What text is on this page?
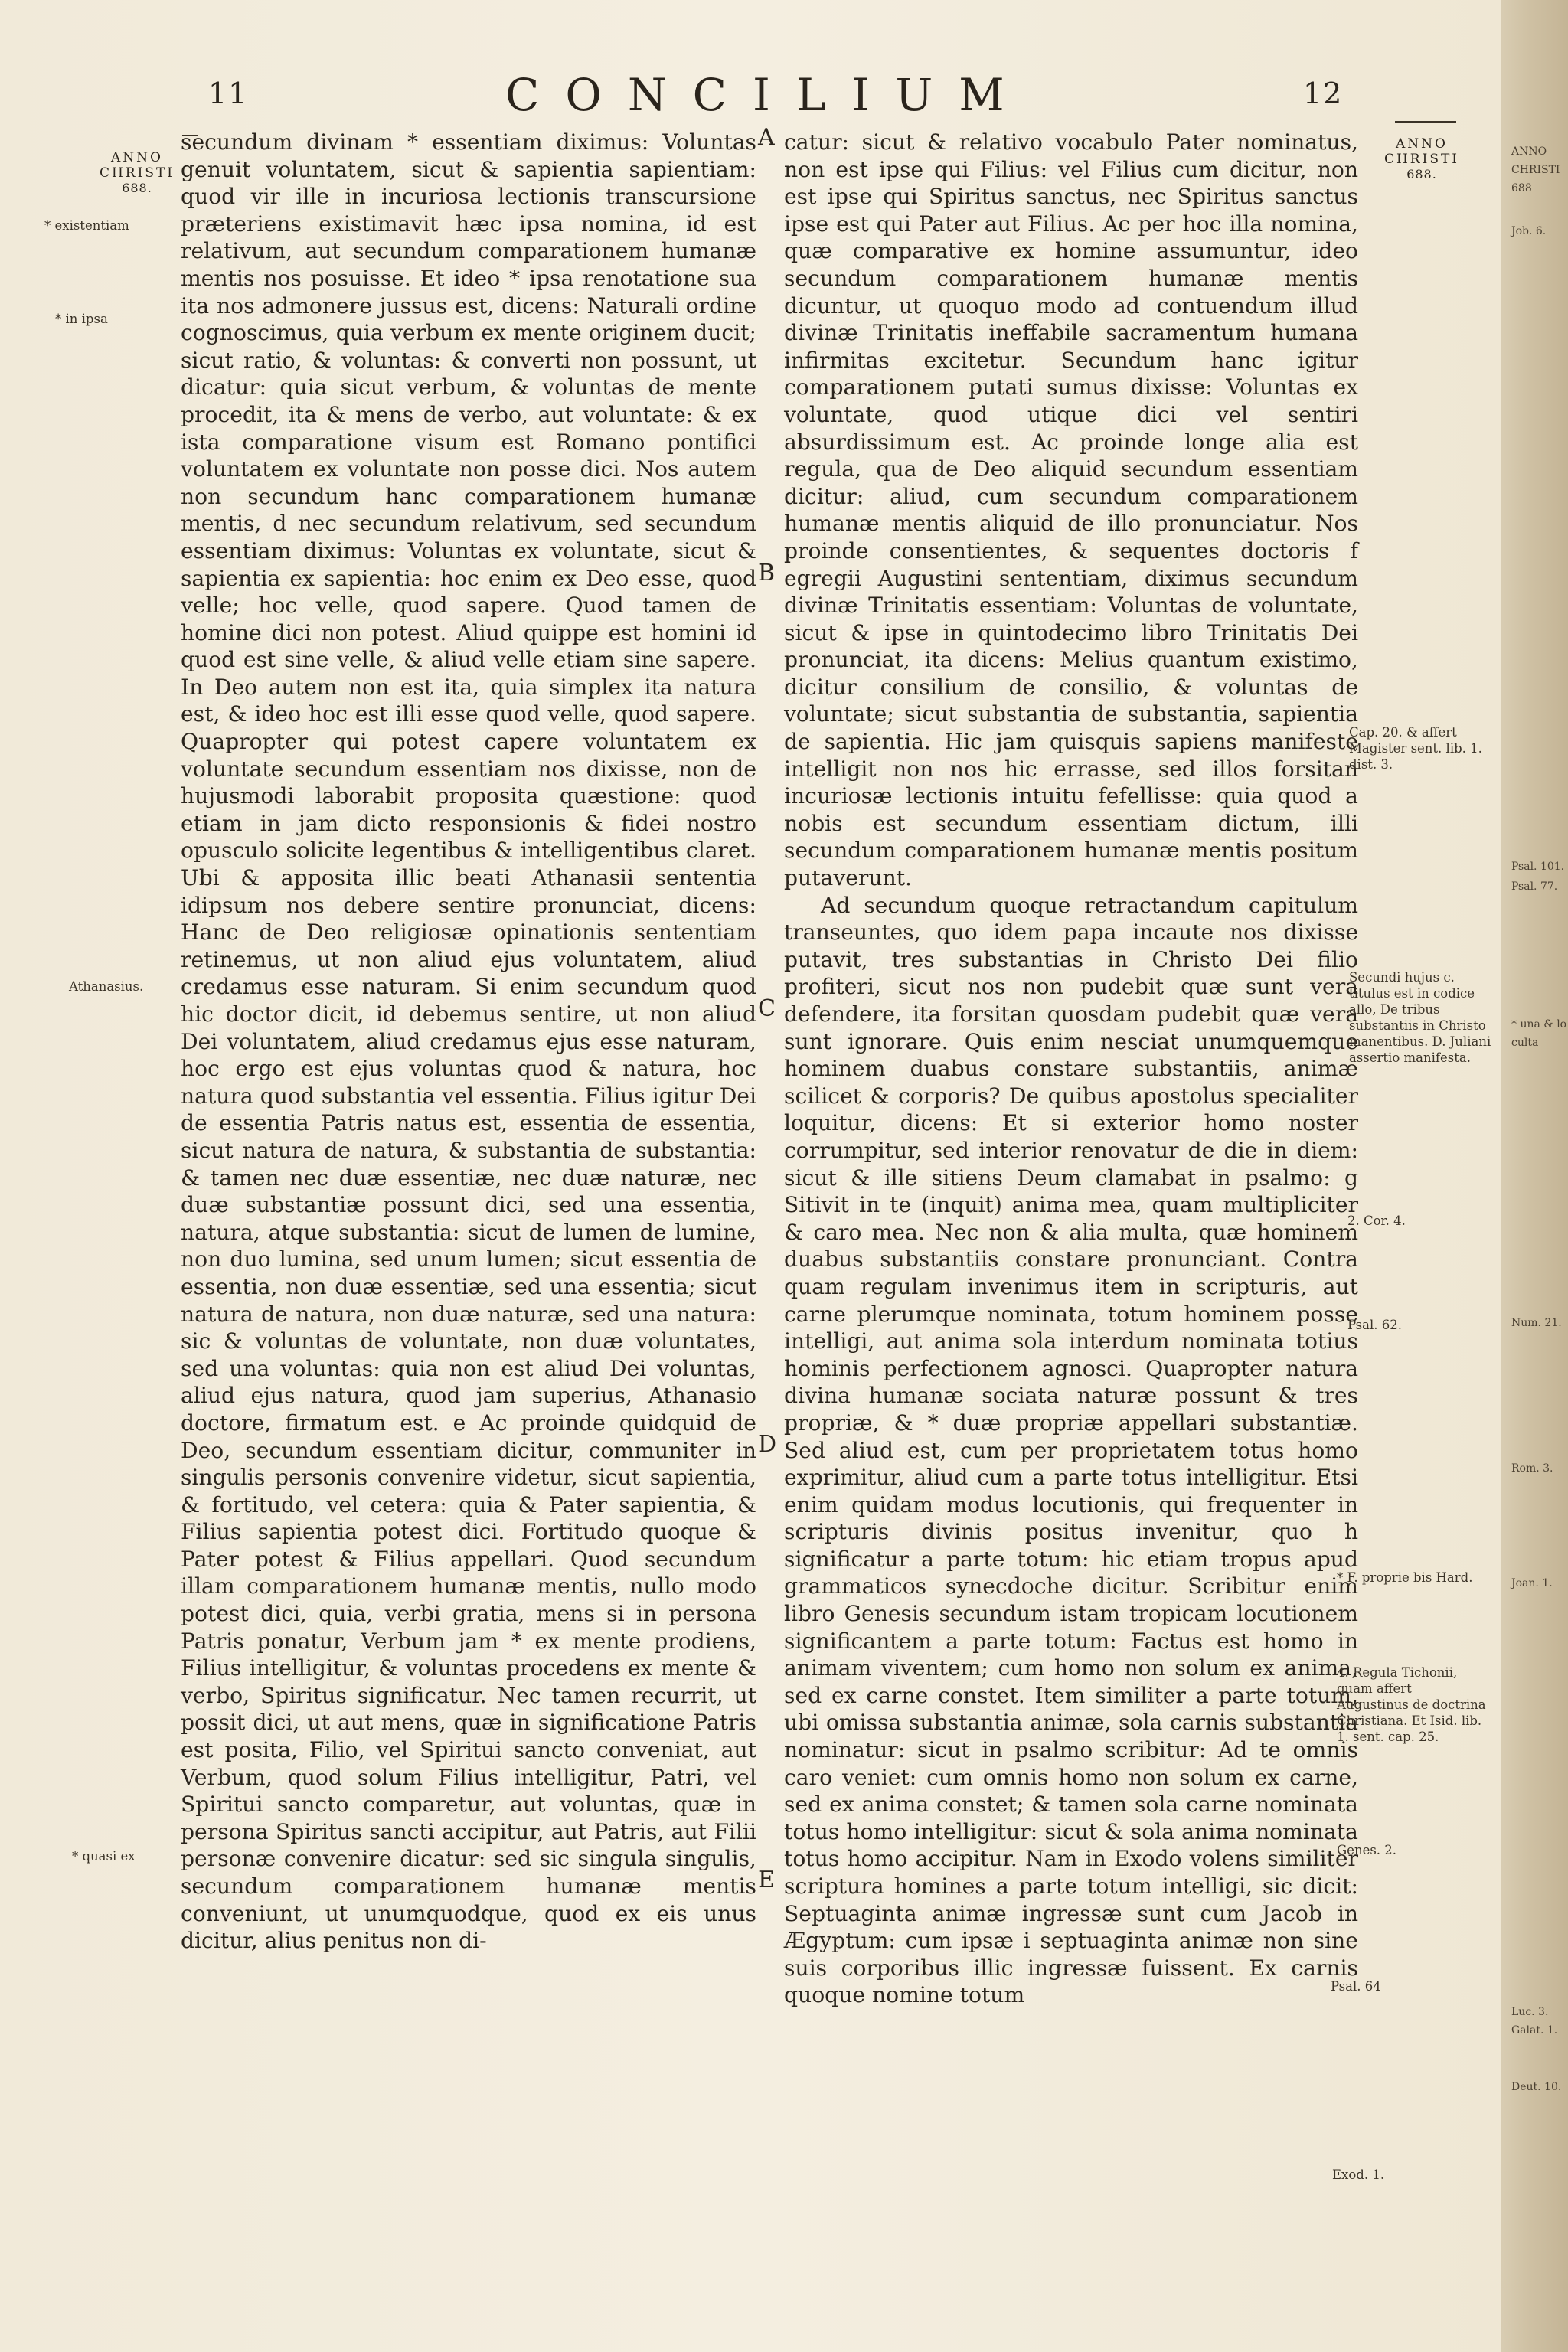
11	CONCILIUM	12
ANNO
CHRISTI
688.
ANNO
CHRISTI
688.
* existentiam
* in ipsa
Athanasius.
* quasi ex
A
B
C
D
E

secundum divinam * essentiam diximus: Voluntas genuit voluntatem, sicut & sapientia sapientiam: quod vir ille in incuriosa lectionis transcursione præteriens existimavit hæc ipsa nomina, id est relativum, aut secundum comparationem humanæ mentis nos posuisse. Et ideo * ipsa renotatione sua ita nos admonere jussus est, dicens: Naturali ordine cognoscimus, quia verbum ex mente originem ducit; sicut ratio, & voluntas: & converti non possunt, ut dicatur: quia sicut verbum, & voluntas de mente procedit, ita & mens de verbo, aut voluntate: & ex ista comparatione visum est Romano pontifici voluntatem ex voluntate non posse dici. Nos autem non secundum hanc comparationem humanæ mentis, d nec secundum relativum, sed secundum essentiam diximus: Voluntas ex voluntate, sicut & sapientia ex sapientia: hoc enim ex Deo esse, quod velle; hoc velle, quod sapere. Quod tamen de homine dici non potest. Aliud quippe est homini id quod est sine velle, & aliud velle etiam sine sapere. In Deo autem non est ita, quia simplex ita natura est, & ideo hoc est illi esse quod velle, quod sapere. Quapropter qui potest capere voluntatem ex voluntate secundum essentiam nos dixisse, non de hujusmodi laborabit proposita quæstione: quod etiam in jam dicto responsionis & fidei nostro opusculo solicite legentibus & intelligentibus claret. Ubi & apposita illic beati Athanasii sententia idipsum nos debere sentire pronunciat, dicens: Hanc de Deo religiosæ opinationis sententiam retinemus, ut non aliud ejus voluntatem, aliud credamus esse naturam. Si enim secundum quod hic doctor dicit, id debemus sentire, ut non aliud Dei voluntatem, aliud credamus ejus esse naturam, hoc ergo est ejus voluntas quod & natura, hoc natura quod substantia vel essentia. Filius igitur Dei de essentia Patris natus est, essentia de essentia, sicut natura de natura, & substantia de substantia: & tamen nec duæ essentiæ, nec duæ naturæ, nec duæ substantiæ possunt dici, sed una essentia, natura, atque substantia: sicut de lumen de lumine, non duo lumina, sed unum lumen; sicut essentia de essentia, non duæ essentiæ, sed una essentia; sicut natura de natura, non duæ naturæ, sed una natura: sic & voluntas de voluntate, non duæ voluntates, sed una voluntas: quia non est aliud Dei voluntas, aliud ejus natura, quod jam superius, Athanasio doctore, firmatum est. e Ac proinde quidquid de Deo, secundum essentiam dicitur, communiter in singulis personis convenire videtur, sicut sapientia, & fortitudo, vel cetera: quia & Pater sapientia, & Filius sapientia potest dici. Fortitudo quoque & Pater potest & Filius appellari. Quod secundum illam comparationem humanæ mentis, nullo modo potest dici, quia, verbi gratia, mens si in persona Patris ponatur, Verbum jam * ex mente prodiens, Filius intelligitur, & voluntas procedens ex mente & verbo, Spiritus significatur. Nec tamen recurrit, ut possit dici, ut aut mens, quæ in significatione Patris est posita, Filio, vel Spiritui sancto conveniat, aut Verbum, quod solum Filius intelligitur, Patri, vel Spiritui sancto comparetur, aut voluntas, quæ in persona Spiritus sancti accipitur, aut Patris, aut Filii personæ convenire dicatur: sed sic singula singulis, secundum comparationem humanæ mentis conveniunt, ut unumquodque, quod ex eis unus dicitur, alius penitus non di-

catur: sicut & relativo vocabulo Pater nominatus, non est ipse qui Filius: vel Filius cum dicitur, non est ipse qui Spiritus sanctus, nec Spiritus sanctus ipse est qui Pater aut Filius. Ac per hoc illa nomina, quæ comparative ex homine assumuntur, ideo secundum comparationem humanæ mentis dicuntur, ut quoquo modo ad contuendum illud divinæ Trinitatis ineffabile sacramentum humana infirmitas excitetur. Secundum hanc igitur comparationem putati sumus dixisse: Voluntas ex voluntate, quod utique dici vel sentiri absurdissimum est. Ac proinde longe alia est regula, qua de Deo aliquid secundum essentiam dicitur: aliud, cum secundum comparationem humanæ mentis aliquid de illo pronunciatur. Nos proinde consentientes, & sequentes doctoris f egregii Augustini sententiam, diximus secundum divinæ Trinitatis essentiam: Voluntas de voluntate, sicut & ipse in quintodecimo libro Trinitatis Dei pronunciat, ita dicens: Melius quantum existimo, dicitur consilium de consilio, & voluntas de voluntate; sicut substantia de substantia, sapientia de sapientia. Hic jam quisquis sapiens manifeste intelligit non nos hic errasse, sed illos forsitan incuriosæ lectionis intuitu fefellisse: quia quod a nobis est secundum essentiam dictum, illi secundum comparationem humanæ mentis positum putaverunt.

Ad secundum quoque retractandum capitulum transeuntes, quo idem papa incaute nos dixisse putavit, tres substantias in Christo Dei filio profiteri, sicut nos non pudebit quæ sunt vera defendere, ita forsitan quosdam pudebit quæ vera sunt ignorare. Quis enim nesciat unumquemque hominem duabus constare substantiis, animæ scilicet & corporis? De quibus apostolus specialiter loquitur, dicens: Et si exterior homo noster corrumpitur, sed interior renovatur de die in diem: sicut & ille sitiens Deum clamabat in psalmo: g Sitivit in te (inquit) anima mea, quam multipliciter & caro mea. Nec non & alia multa, quæ hominem duabus substantiis constare pronunciant. Contra quam regulam invenimus item in scripturis, aut carne plerumque nominata, totum hominem posse intelligi, aut anima sola interdum nominata totius hominis perfectionem agnosci. Quapropter natura divina humanæ sociata naturæ possunt & tres propriæ, & * duæ propriæ appellari substantiæ. Sed aliud est, cum per proprietatem totus homo exprimitur, aliud cum a parte totus intelligitur. Etsi enim quidam modus locutionis, qui frequenter in scripturis divinis positus invenitur, quo h significatur a parte totum: hic etiam tropus apud grammaticos synecdoche dicitur. Scribitur enim libro Genesis secundum istam tropicam locutionem significantem a parte totum: Factus est homo in animam viventem; cum homo non solum ex anima, sed ex carne constet. Item similiter a parte totum, ubi omissa substantia animæ, sola carnis substantia nominatur: sicut in psalmo scribitur: Ad te omnis caro veniet: cum omnis homo non solum ex carne, sed ex anima constet; & tamen sola carne nominata totus homo intelligitur: sicut & sola anima nominata totus homo accipitur. Nam in Exodo volens similiter scriptura homines a parte totum intelligi, sic dicit: Septuaginta animæ ingressæ sunt cum Jacob in Ægyptum: cum ipsæ i septuaginta animæ non sine suis corporibus illic ingressæ fuissent. Ex carnis quoque nomine totum

Cap. 20. & affert Magister sent. lib. 1. dist. 3.
Secundi hujus c. titulus est in codice allo, De tribus substantiis in Christo manentibus. D. Juliani assertio manifesta.
2. Cor. 4.
Psal. 62.
* F. proprie bis Hard.
4. Regula Tichonii, quam affert Augustinus de doctrina Christiana. Et Isid. lib. 1. sent. cap. 25.
Genes. 2.
Psal. 64
Exod. 1.
ANNO
CHRISTI
688
Job. 6.
Psal. 101.
Psal. 77.
* una & lo
culta
Num. 21.
Rom. 3.
Joan. 1.
Luc. 3.
Galat. 1.
Deut. 10.
